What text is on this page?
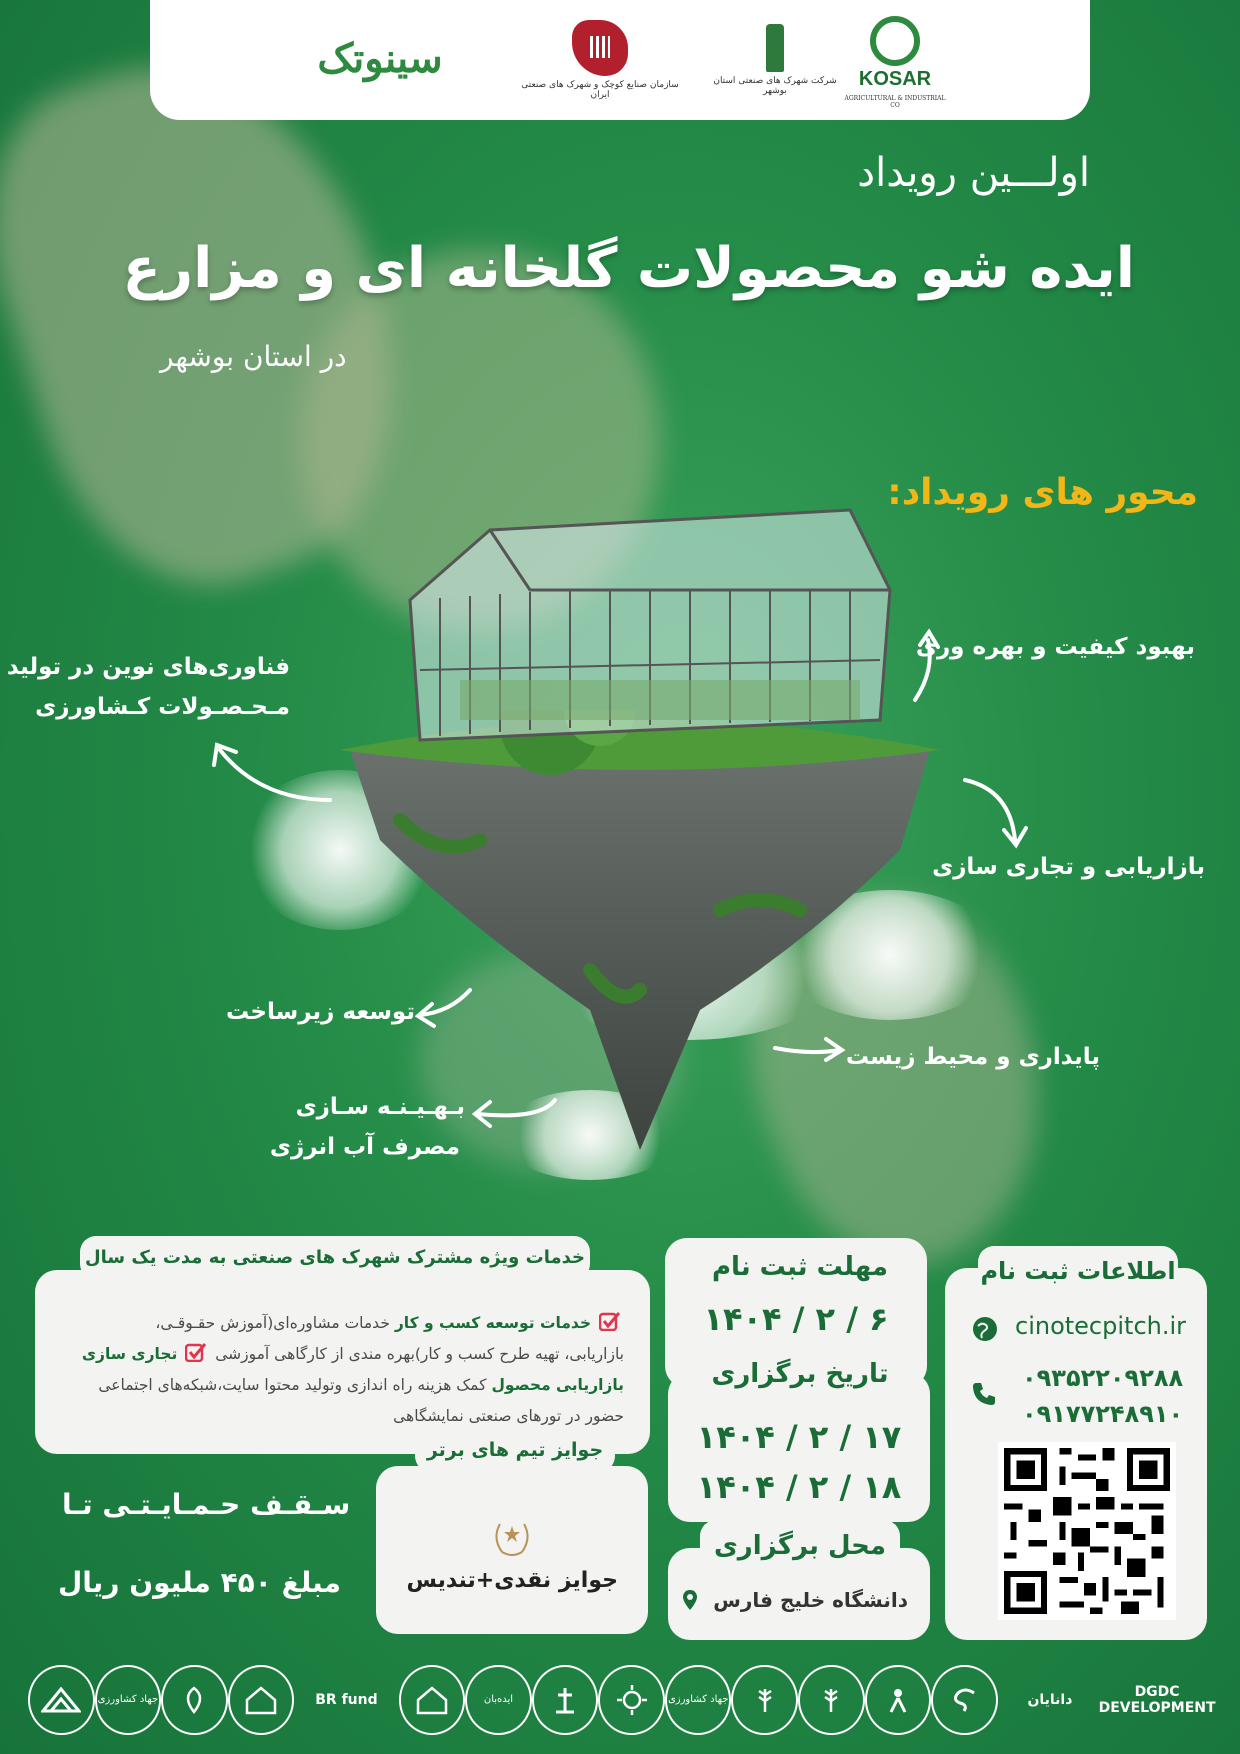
سینوتک
سازمان صنایع کوچک و شهرک های صنعتی ایران
شرکت شهرک های صنعتی استان بوشهر
KOSAR
AGRICULTURAL & INDUSTRIAL CO
اولـــین رویداد
ایده شو محصولات گلخانه ای و مزارع
در استان بوشهر
محور های رویداد:
بهبود کیفیت و بهره وری
فناوری‌های نوین در تولید
مـحـصـولات کـشاورزی
بازاریابی و تجاری سازی
توسعه زیرساخت
پایداری و محیط زیست
بـهـیـنـه سـازی
مصرف آب انرژی
خدمات توسعه کسب و کار خدمات مشاوره‌ای(آموزش حقـوقـی،
بازاریابی، تهیه طرح کسب و کار)بهره مندی از کارگاهی آموزشی  تجاری سازی
بازاریابی محصول کمک هزینه راه اندازی وتولید محتوا سایت،شبکه‌های اجتماعی
حضور در تورهای صنعتی نمایشگاهی
خدمات ویژه مشترک شهرک های صنعتی به مدت یک سال
سـقـف حـمـایـتـی تـا
مبلغ ۴۵۰ ملیون ریال	جوایز نقدی+تندیس
جوایز تیم های برتر
مهلت ثبت نام
۱۴۰۴ / ۲ / ۶
تاریخ برگزاری
۱۴۰۴ / ۲ / ۱۷
۱۴۰۴ / ۲ / ۱۸
محل برگزاری
دانشگاه خلیج فارس
اطلاعات ثبت نام
cinotecpitch.ir
۰۹۳۵۲۲۰۹۲۸۸
۰۹۱۷۷۲۴۸۹۱۰
جهاد کشاورزی	BR fund	ایده‌بان	جهاد کشاورزی	دانایان	DGDC DEVELOPMENT
